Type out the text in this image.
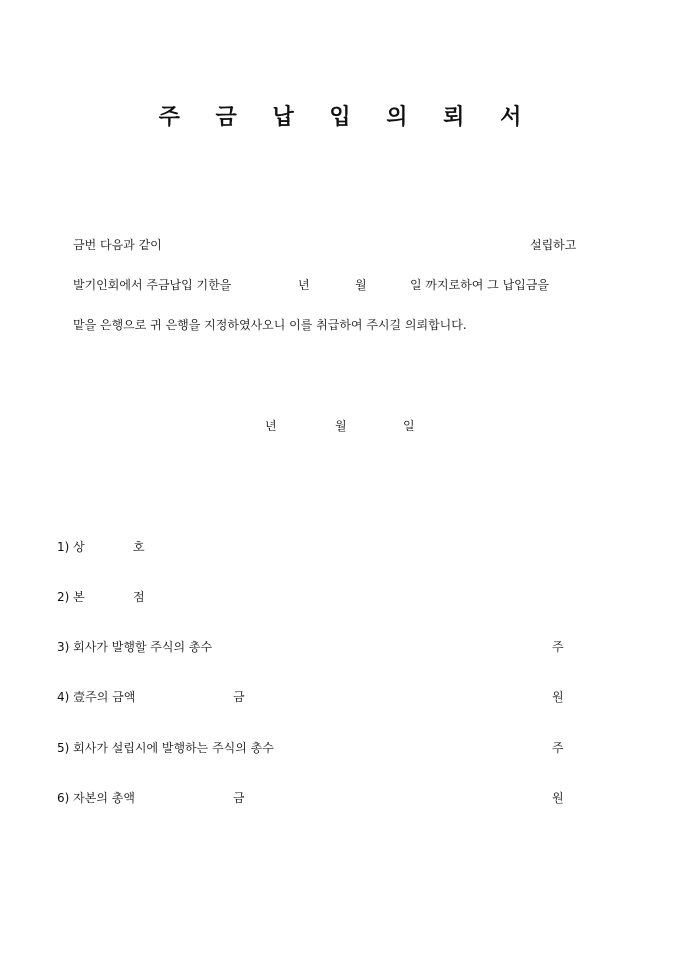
주 금 납 입 의 뢰 서
금번 다음과 같이	설립하고
발기인회에서 주금납입 기한을	년	월	일 까지로하여 그 납입금을
맡을 은행으로 귀 은행을 지정하였사오니 이를 취급하여 주시길 의뢰합니다.
년	월	일
1) 상	호
2) 본	점
3) 회사가 발행할 주식의 총수	주
4) 壹주의 금액	금	원
5) 회사가 설립시에 발행하는 주식의 총수	주
6) 자본의 총액	금	원
